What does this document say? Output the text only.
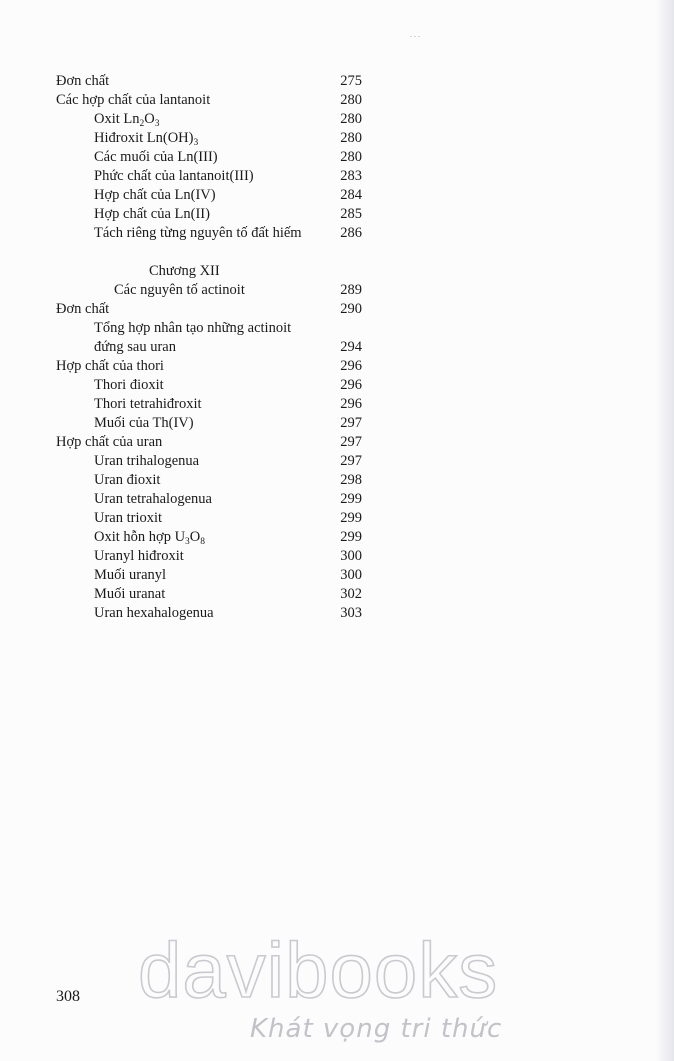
. . .
Đơn chất	275
Các hợp chất của lantanoit	280
Oxit $Ln_2O_3$	280
Hiđroxit $Ln(OH)_3$	280
Các muối của Ln(III)	280
Phức chất của lantanoit(III)	283
Hợp chất của Ln(IV)	284
Hợp chất của Ln(II)	285
Tách riêng từng nguyên tố đất hiếm	286
Chương XII
Các nguyên tố actinoit	289
Đơn chất	290
Tổng hợp nhân tạo những actinoit
đứng sau uran	294
Hợp chất của thori	296
Thori đioxit	296
Thori tetrahiđroxit	296
Muối của Th(IV)	297
Hợp chất của uran	297
Uran trihalogenua	297
Uran đioxit	298
Uran tetrahalogenua	299
Uran trioxit	299
Oxit hỗn hợp $U_3O_8$	299
Uranyl hiđroxit	300
Muối uranyl	300
Muối uranat	302
Uran hexahalogenua	303
308 davibooks
Khát vọng tri thức
